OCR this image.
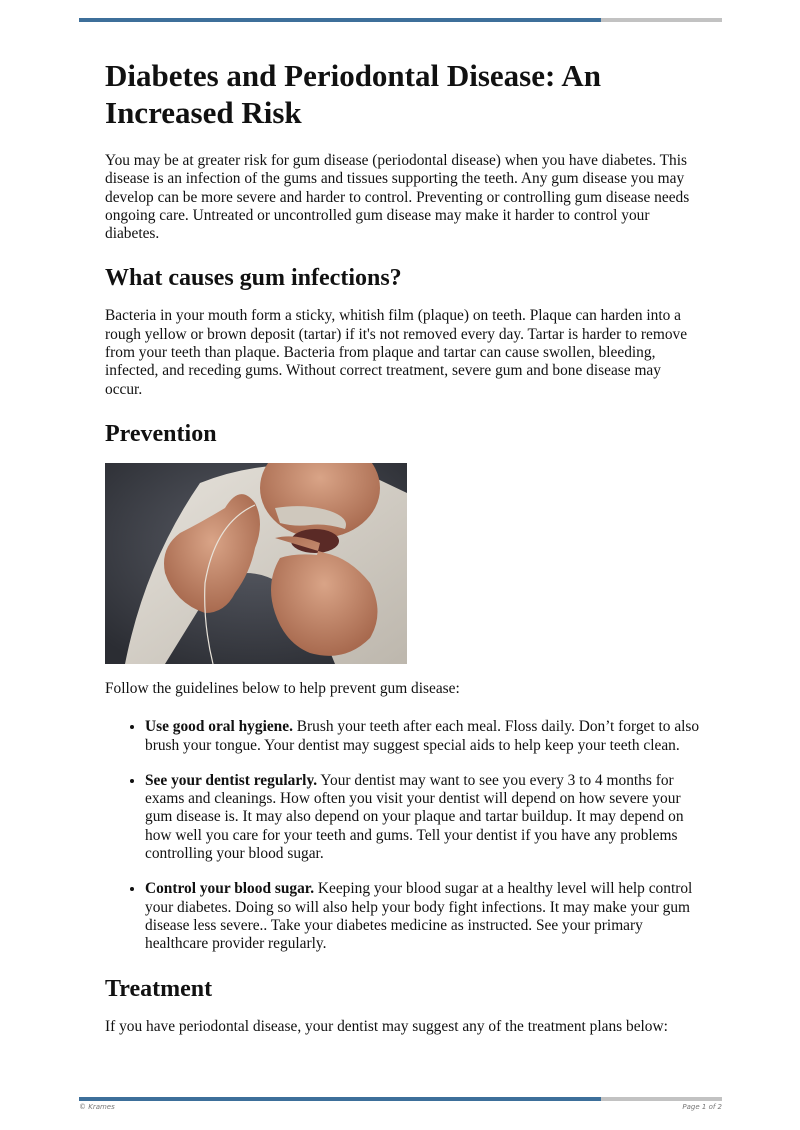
Diabetes and Periodontal Disease: An Increased Risk

You may be at greater risk for gum disease (periodontal disease) when you have diabetes. This disease is an infection of the gums and tissues supporting the teeth. Any gum disease you may develop can be more severe and harder to control. Preventing or controlling gum disease needs ongoing care. Untreated or uncontrolled gum disease may make it harder to control your diabetes.

What causes gum infections?

Bacteria in your mouth form a sticky, whitish film (plaque) on teeth. Plaque can harden into a rough yellow or brown deposit (tartar) if it's not removed every day. Tartar is harder to remove from your teeth than plaque. Bacteria from plaque and tartar can cause swollen, bleeding, infected, and receding gums. Without correct treatment, severe gum and bone disease may occur.

Prevention

Follow the guidelines below to help prevent gum disease:

• Use good oral hygiene. Brush your teeth after each meal. Floss daily. Don’t forget to also brush your tongue. Your dentist may suggest special aids to help keep your teeth clean.
• See your dentist regularly. Your dentist may want to see you every 3 to 4 months for exams and cleanings. How often you visit your dentist will depend on how severe your gum disease is. It may also depend on your plaque and tartar buildup. It may depend on how well you care for your teeth and gums. Tell your dentist if you have any problems controlling your blood sugar.
• Control your blood sugar. Keeping your blood sugar at a healthy level will help control your diabetes. Doing so will also help your body fight infections. It may make your gum disease less severe.. Take your diabetes medicine as instructed. See your primary healthcare provider regularly.
Treatment

If you have periodontal disease, your dentist may suggest any of the treatment plans below:

© Krames	Page 1 of 2
